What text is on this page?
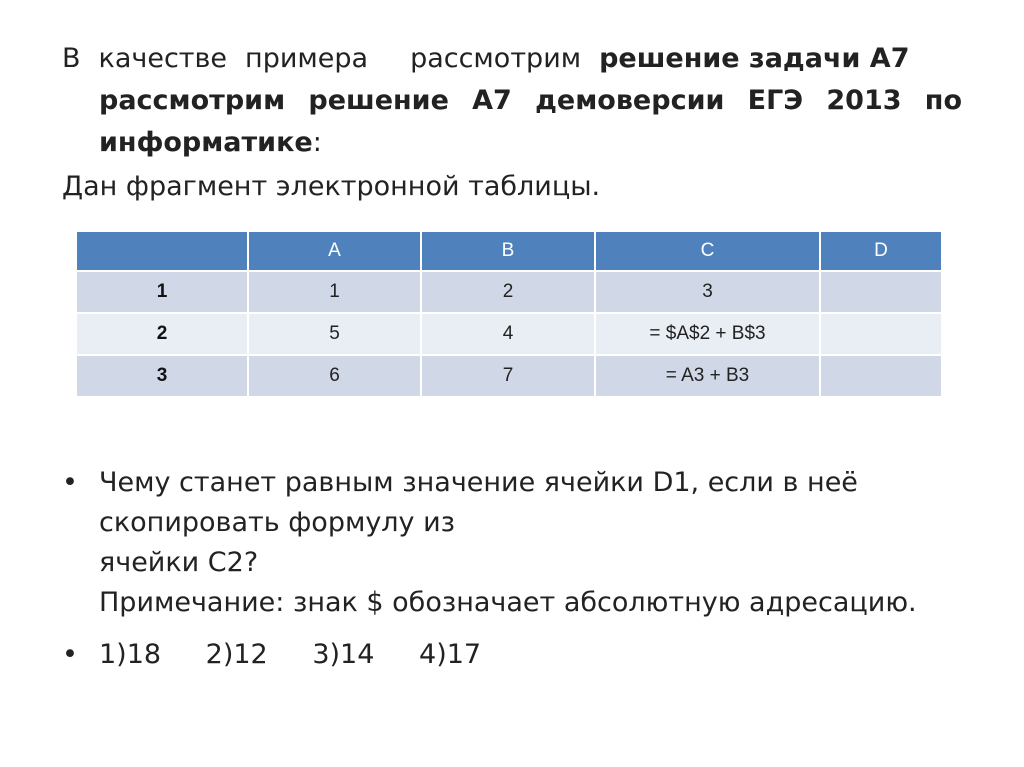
В качестве примера рассмотрим решение задачи А7
рассмотрим решение А7 демоверсии ЕГЭ 2013 по
информатике:
Дан фрагмент электронной таблицы.
	A	B	C	D
1	1	2	3	
2	5	4	= $A$2 + B$3	
3	6	7	= A3 + B3	
• Чему станет равным значение ячейки D1, если в неё
скопировать формулу из
ячейки C2?
Примечание: знак $ обозначает абсолютную адресацию.
• 1)18 2)12 3)14 4)17
